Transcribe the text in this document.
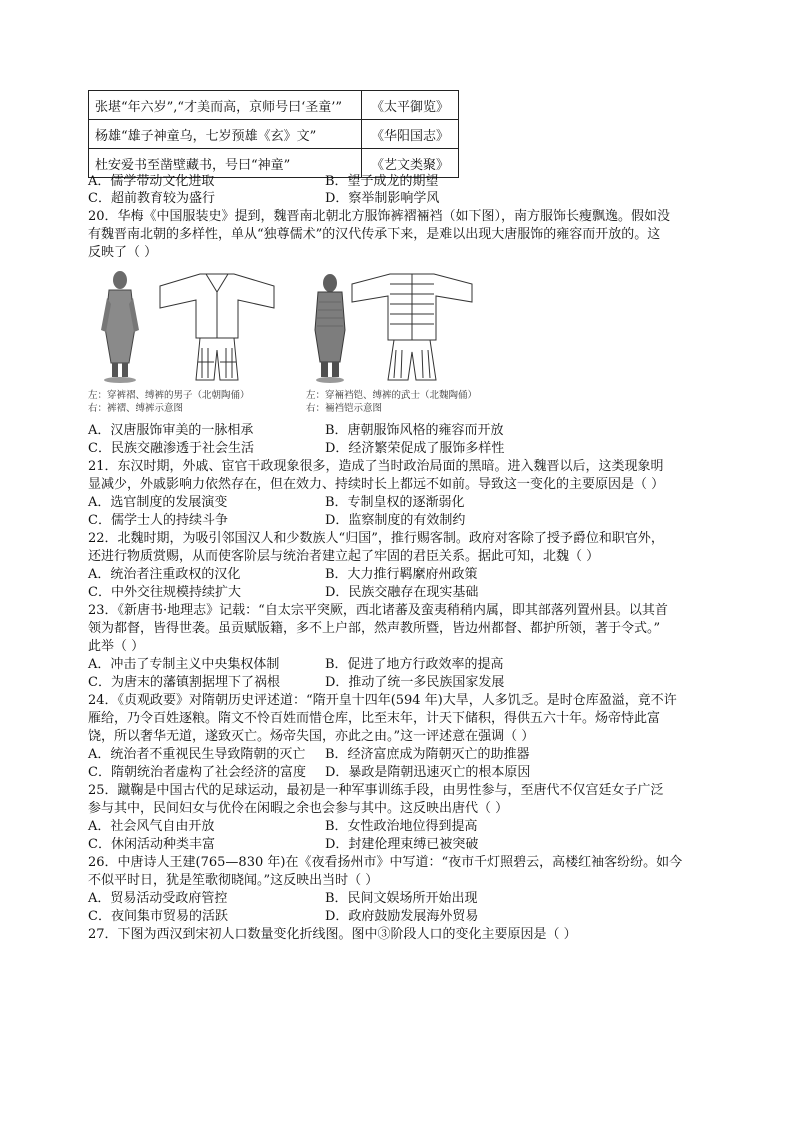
张堪“年六岁”,“才美而高，京师号曰‘圣童’”	《太平御览》
杨雄“雄子神童乌，七岁预雄《玄》文”	《华阳国志》
杜安爱书至凿壁藏书，号曰“神童”	《艺文类聚》
A．儒学带动文化进取	B．望子成龙的期望
C．超前教育较为盛行	D．察举制影响学风
20．华梅《中国服装史》提到，魏晋南北朝北方服饰裤褶裲裆（如下图），南方服饰长瘦飘逸。假如没
有魏晋南北朝的多样性，单从“独尊儒术”的汉代传承下来，是难以出现大唐服饰的雍容而开放的。这
反映了（ ）
左：穿裤褶、缚裤的男子（北朝陶俑）
右：裤褶、缚裤示意图
左：穿裲裆铠、缚裤的武士（北魏陶俑）
右：裲裆铠示意图
A．汉唐服饰审美的一脉相承	B．唐朝服饰风格的雍容而开放
C．民族交融渗透于社会生活	D．经济繁荣促成了服饰多样性
21．东汉时期，外戚、宦官干政现象很多，造成了当时政治局面的黑暗。进入魏晋以后，这类现象明
显减少，外戚影响力依然存在，但在效力、持续时长上都远不如前。导致这一变化的主要原因是（ ）
A．选官制度的发展演变	B．专制皇权的逐渐弱化
C．儒学士人的持续斗争	D．监察制度的有效制约
22．北魏时期，为吸引邻国汉人和少数族人“归国”，推行赐客制。政府对客除了授予爵位和职官外，
还进行物质赏赐，从而使客阶层与统治者建立起了牢固的君臣关系。据此可知，北魏（ ）
A．统治者注重政权的汉化	B．大力推行羁縻府州政策
C．中外交往规模持续扩大	D．民族交融存在现实基础
23．《新唐书·地理志》记载：“自太宗平突厥，西北诸蕃及蛮夷稍稍内属，即其部落列置州县。以其首
领为都督，皆得世袭。虽贡赋版籍，多不上户部，然声教所暨，皆边州都督、都护所领，著于令式。”
此举（ ）
A．冲击了专制主义中央集权体制	B．促进了地方行政效率的提高
C．为唐末的藩镇割据埋下了祸根	D．推动了统一多民族国家发展
24．《贞观政要》对隋朝历史评述道：“隋开皇十四年(594 年)大旱，人多饥乏。是时仓库盈溢，竟不许
雁给，乃令百姓逐粮。隋文不怜百姓而惜仓库，比至末年，计天下储积，得供五六十年。炀帝恃此富
饶，所以奢华无道，遂致灭亡。炀帝失国，亦此之由。”这一评述意在强调（ ）
A．统治者不重视民生导致隋朝的灭亡 B．经济富庶成为隋朝灭亡的助推器
C．隋朝统治者虚构了社会经济的富度 D．暴政是隋朝迅速灭亡的根本原因
25．蹴鞠是中国古代的足球运动，最初是一种军事训练手段，由男性参与，至唐代不仅宫廷女子广泛
参与其中，民间妇女与优伶在闲暇之余也会参与其中。这反映出唐代（ ）
A．社会风气自由开放	B．女性政治地位得到提高
C．休闲活动种类丰富	D．封建伦理束缚已被突破
26．中唐诗人王建(765—830 年)在《夜看扬州市》中写道：“夜市千灯照碧云，高楼红袖客纷纷。如今
不似平时日，犹是笙歌彻晓闻。”这反映出当时（ ）
A．贸易活动受政府管控	B．民间文娱场所开始出现
C．夜间集市贸易的活跃	D．政府鼓励发展海外贸易
27．下图为西汉到宋初人口数量变化折线图。图中③阶段人口的变化主要原因是（ ）
